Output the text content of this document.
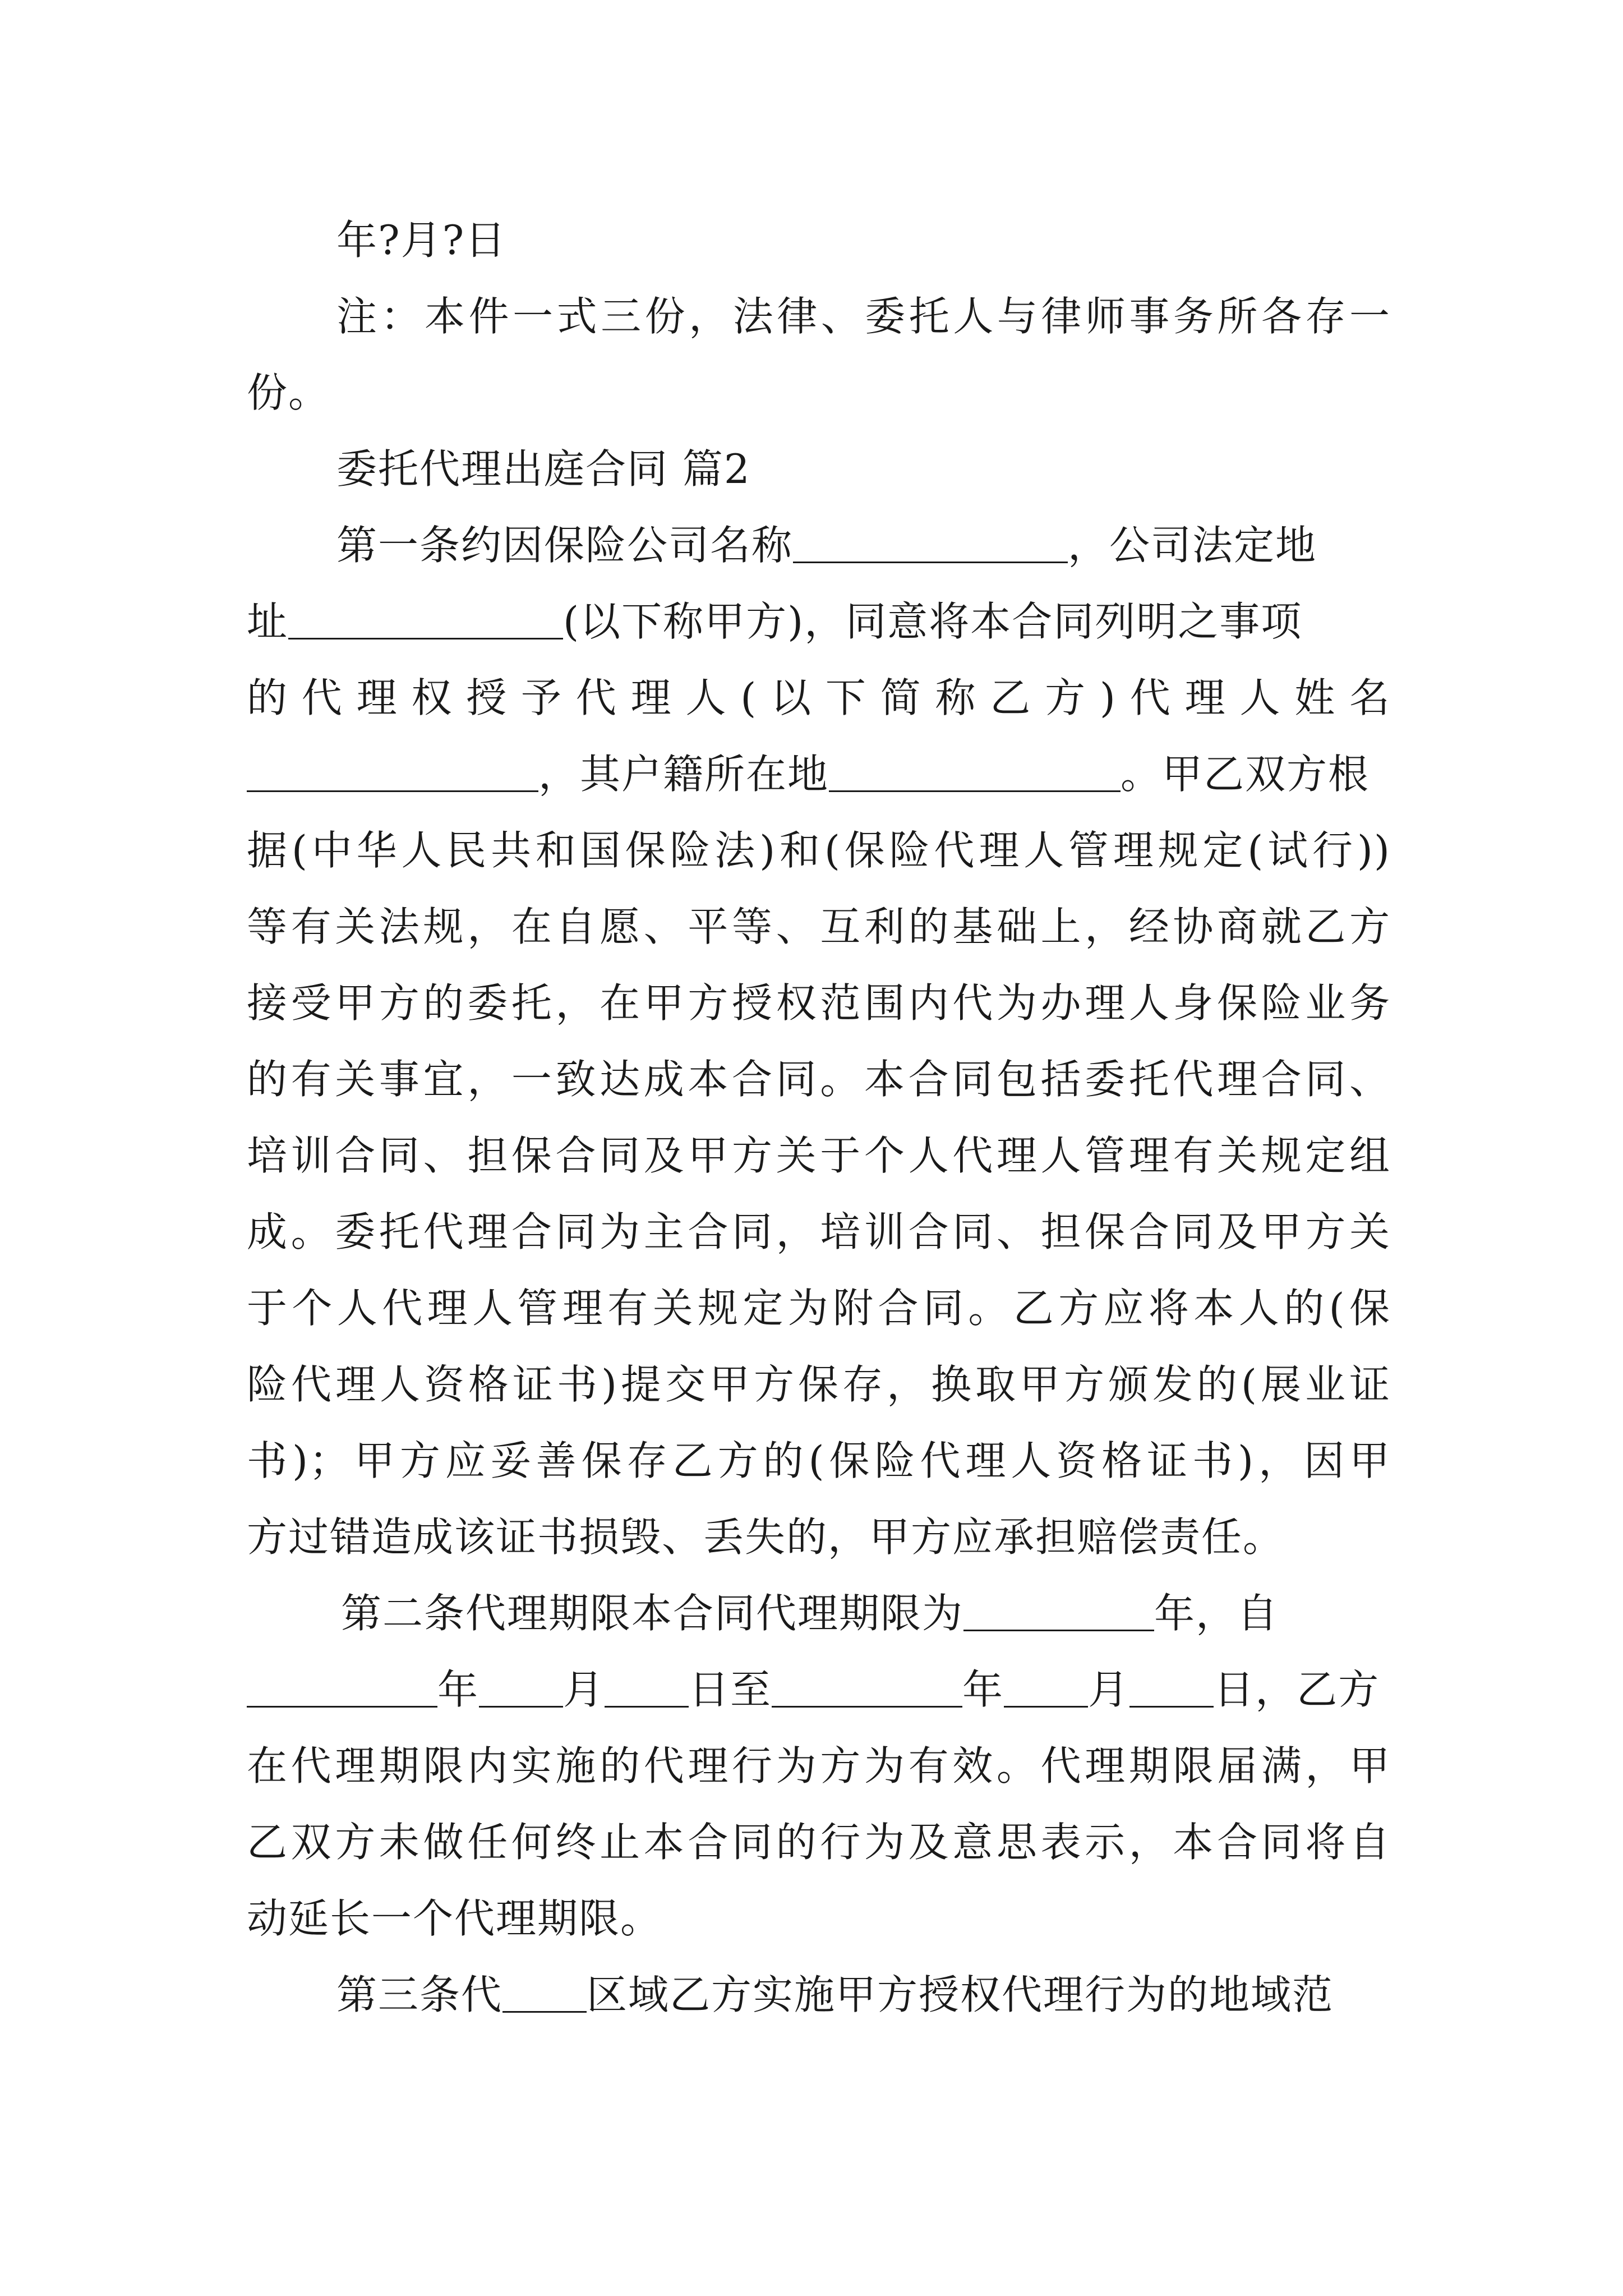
年?月?日
注：本件一式三份，法律、委托人与律师事务所各存一
份。
委托代理出庭合同 篇2
第一条约因保险公司名称	，公司法定地
址	(以下称甲方)，同意将本合同列明之事项
的代理权授予代理人(以下简称乙方)代理人姓名
，其户籍所在地	。甲乙双方根
据(中华人民共和国保险法)和(保险代理人管理规定(试行))
等有关法规，在自愿、平等、互利的基础上，经协商就乙方
接受甲方的委托，在甲方授权范围内代为办理人身保险业务
的有关事宜，一致达成本合同。本合同包括委托代理合同、
培训合同、担保合同及甲方关于个人代理人管理有关规定组
成。委托代理合同为主合同，培训合同、担保合同及甲方关
于个人代理人管理有关规定为附合同。乙方应将本人的(保
险代理人资格证书)提交甲方保存，换取甲方颁发的(展业证
书)；甲方应妥善保存乙方的(保险代理人资格证书)，因甲
方过错造成该证书损毁、丢失的，甲方应承担赔偿责任。
第二条代理期限本合同代理期限为	年，自
年 月 日至	年 月 日，乙方
在代理期限内实施的代理行为方为有效。代理期限届满，甲
乙双方未做任何终止本合同的行为及意思表示，本合同将自
动延长一个代理期限。
第三条代 区域乙方实施甲方授权代理行为的地域范
